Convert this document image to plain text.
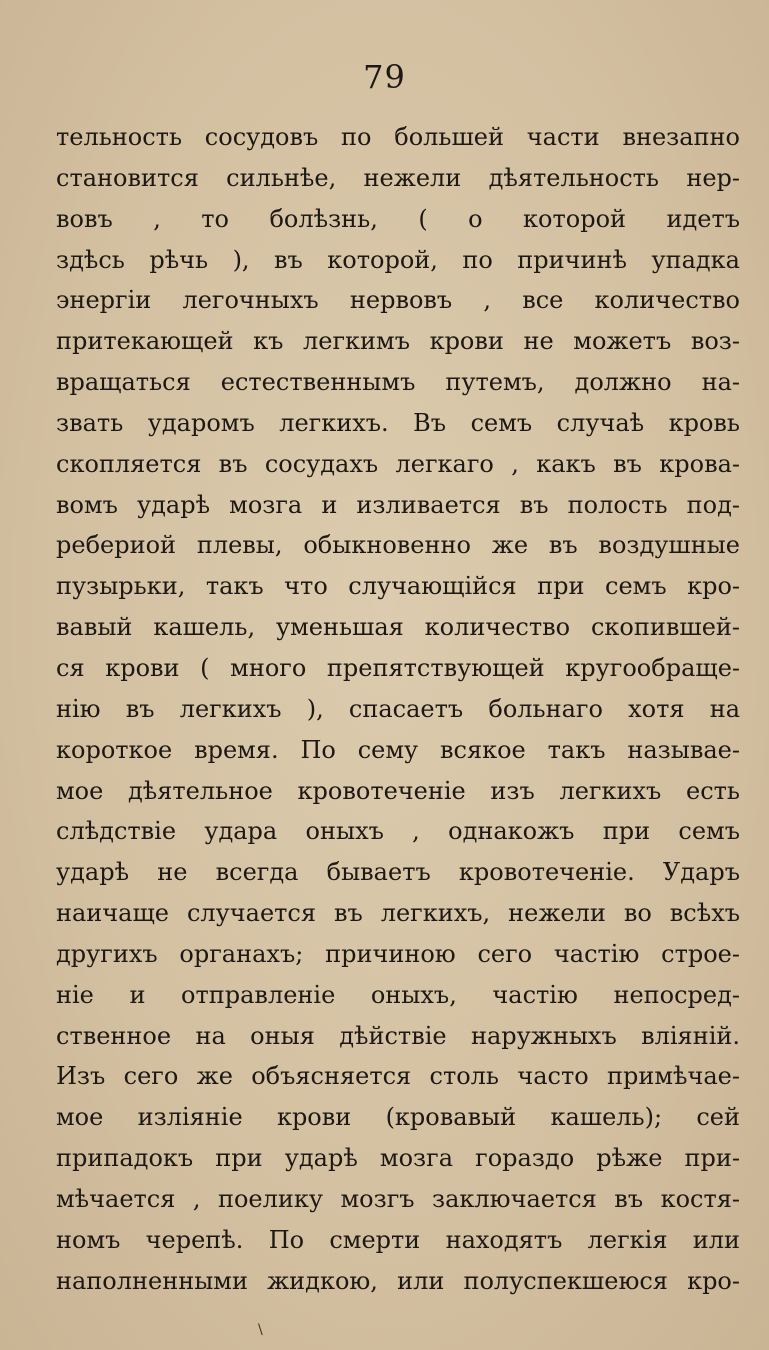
79
тельность сосудовъ по большей части внезапно
становится сильнѣе, нежели дѣятельность нер-
вовъ , то болѣзнь, ( о которой идетъ
здѣсь рѣчь ), въ которой, по причинѣ упадка
энергіи легочныхъ нервовъ , все количество
притекающей къ легкимъ крови не можетъ воз-
вращаться естественнымъ путемъ, должно на-
звать ударомъ легкихъ. Въ семъ случаѣ кровь
скопляется въ сосудахъ легкаго , какъ въ крова-
вомъ ударѣ мозга и изливается въ полость под-
ребериой плевы, обыкновенно же въ воздушные
пузырьки, такъ что случающійся при семъ кро-
вавый кашель, уменьшая количество скопившей-
ся крови ( много препятствующей кругообраще-
нію въ легкихъ ), спасаетъ больнаго хотя на
короткое время. По сему всякое такъ называе-
мое дѣятельное кровотеченіе изъ легкихъ есть
слѣдствіе удара оныхъ , однакожъ при семъ
ударѣ не всегда бываетъ кровотеченіе. Ударъ
наичаще случается въ легкихъ, нежели во всѣхъ
другихъ органахъ; причиною сего частію строе-
ніе и отправленіе оныхъ, частію непосред-
ственное на оныя дѣйствіе наружныхъ вліяній.
Изъ сего же объясняется столь часто примѣчае-
мое изліяніе крови (кровавый кашель); сей
припадокъ при ударѣ мозга гораздо рѣже при-
мѣчается , поелику мозгъ заключается въ костя-
номъ черепѣ. По смерти находятъ легкія или
наполненными жидкою, или полуспекшеюся кро-
\
